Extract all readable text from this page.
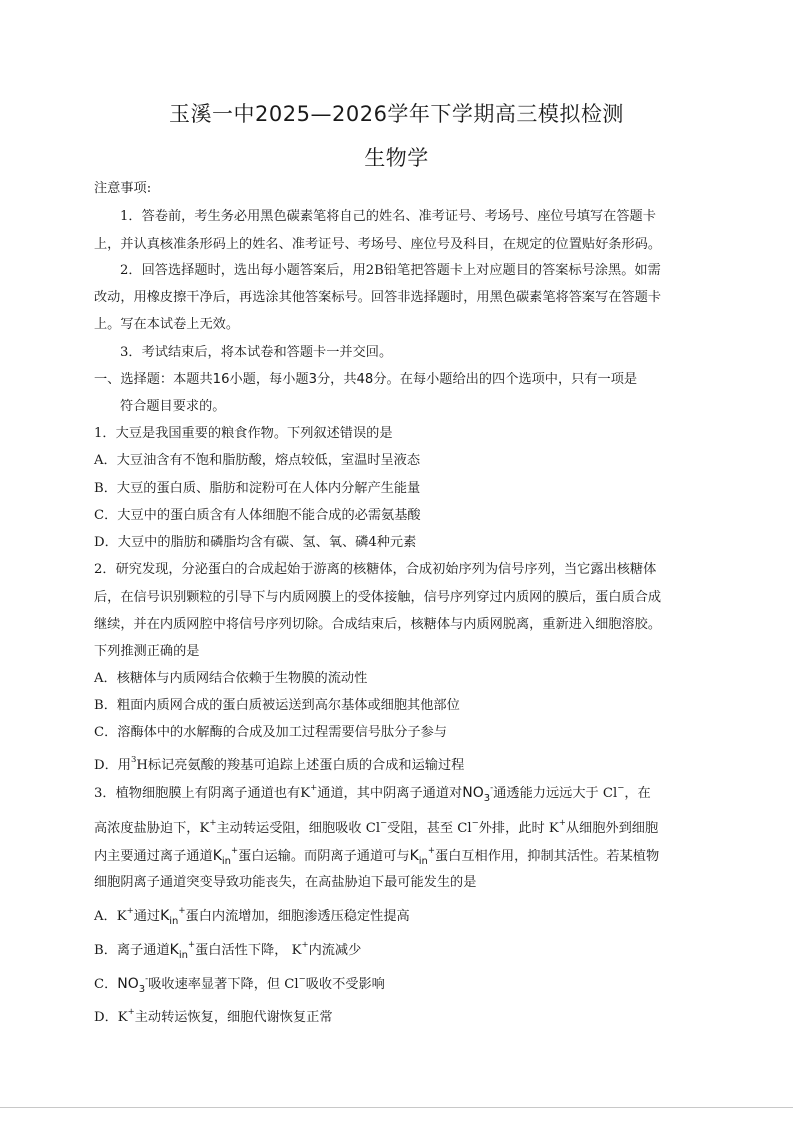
玉溪一中2025—2026学年下学期高三模拟检测
生物学
注意事项:
1．答卷前，考生务必用黑色碳素笔将自己的姓名、准考证号、考场号、座位号填写在答题卡
上，并认真核准条形码上的姓名、准考证号、考场号、座位号及科目，在规定的位置贴好条形码。
2．回答选择题时，选出每小题答案后，用2B铅笔把答题卡上对应题目的答案标号涂黑。如需
改动，用橡皮擦干净后，再选涂其他答案标号。回答非选择题时，用黑色碳素笔将答案写在答题卡
上。写在本试卷上无效。
3．考试结束后，将本试卷和答题卡一并交回。
一、选择题：本题共16小题，每小题3分，共48分。在每小题给出的四个选项中，只有一项是
符合题目要求的。
1．大豆是我国重要的粮食作物。下列叙述错误的是
A．大豆油含有不饱和脂肪酸，熔点较低，室温时呈液态
B．大豆的蛋白质、脂肪和淀粉可在人体内分解产生能量
C．大豆中的蛋白质含有人体细胞不能合成的必需氨基酸
D．大豆中的脂肪和磷脂均含有碳、氢、氧、磷4种元素
2．研究发现，分泌蛋白的合成起始于游离的核糖体，合成初始序列为信号序列，当它露出核糖体
后，在信号识别颗粒的引导下与内质网膜上的受体接触，信号序列穿过内质网的膜后，蛋白质合成
继续，并在内质网腔中将信号序列切除。合成结束后，核糖体与内质网脱离，重新进入细胞溶胶。
下列推测正确的是
A．核糖体与内质网结合依赖于生物膜的流动性
B．粗面内质网合成的蛋白质被运送到高尔基体或细胞其他部位
C．溶酶体中的水解酶的合成及加工过程需要信号肽分子参与
D．用$^3$H标记亮氨酸的羧基可追踪上述蛋白质的合成和运输过程
3．植物细胞膜上有阴离子通道也有K+通道，其中阴离子通道对$NO_3^-$通透能力远远大于 Cl−，在
高浓度盐胁迫下，K+主动转运受阻，细胞吸收 Cl−受阻，甚至 Cl−外排，此时 K+从细胞外到细胞
内主要通过离子通道$K_{in}^+$蛋白运输。而阴离子通道可与$K_{in}^+$蛋白互相作用，抑制其活性。若某植物
细胞阴离子通道突变导致功能丧失，在高盐胁迫下最可能发生的是
A．K+通过$K_{in}^+$蛋白内流增加，细胞渗透压稳定性提高
B．离子通道$K_{in}^+$蛋白活性下降， K+内流减少
C．$NO_3^-$吸收速率显著下降，但 Cl−吸收不受影响
D．K+主动转运恢复，细胞代谢恢复正常
